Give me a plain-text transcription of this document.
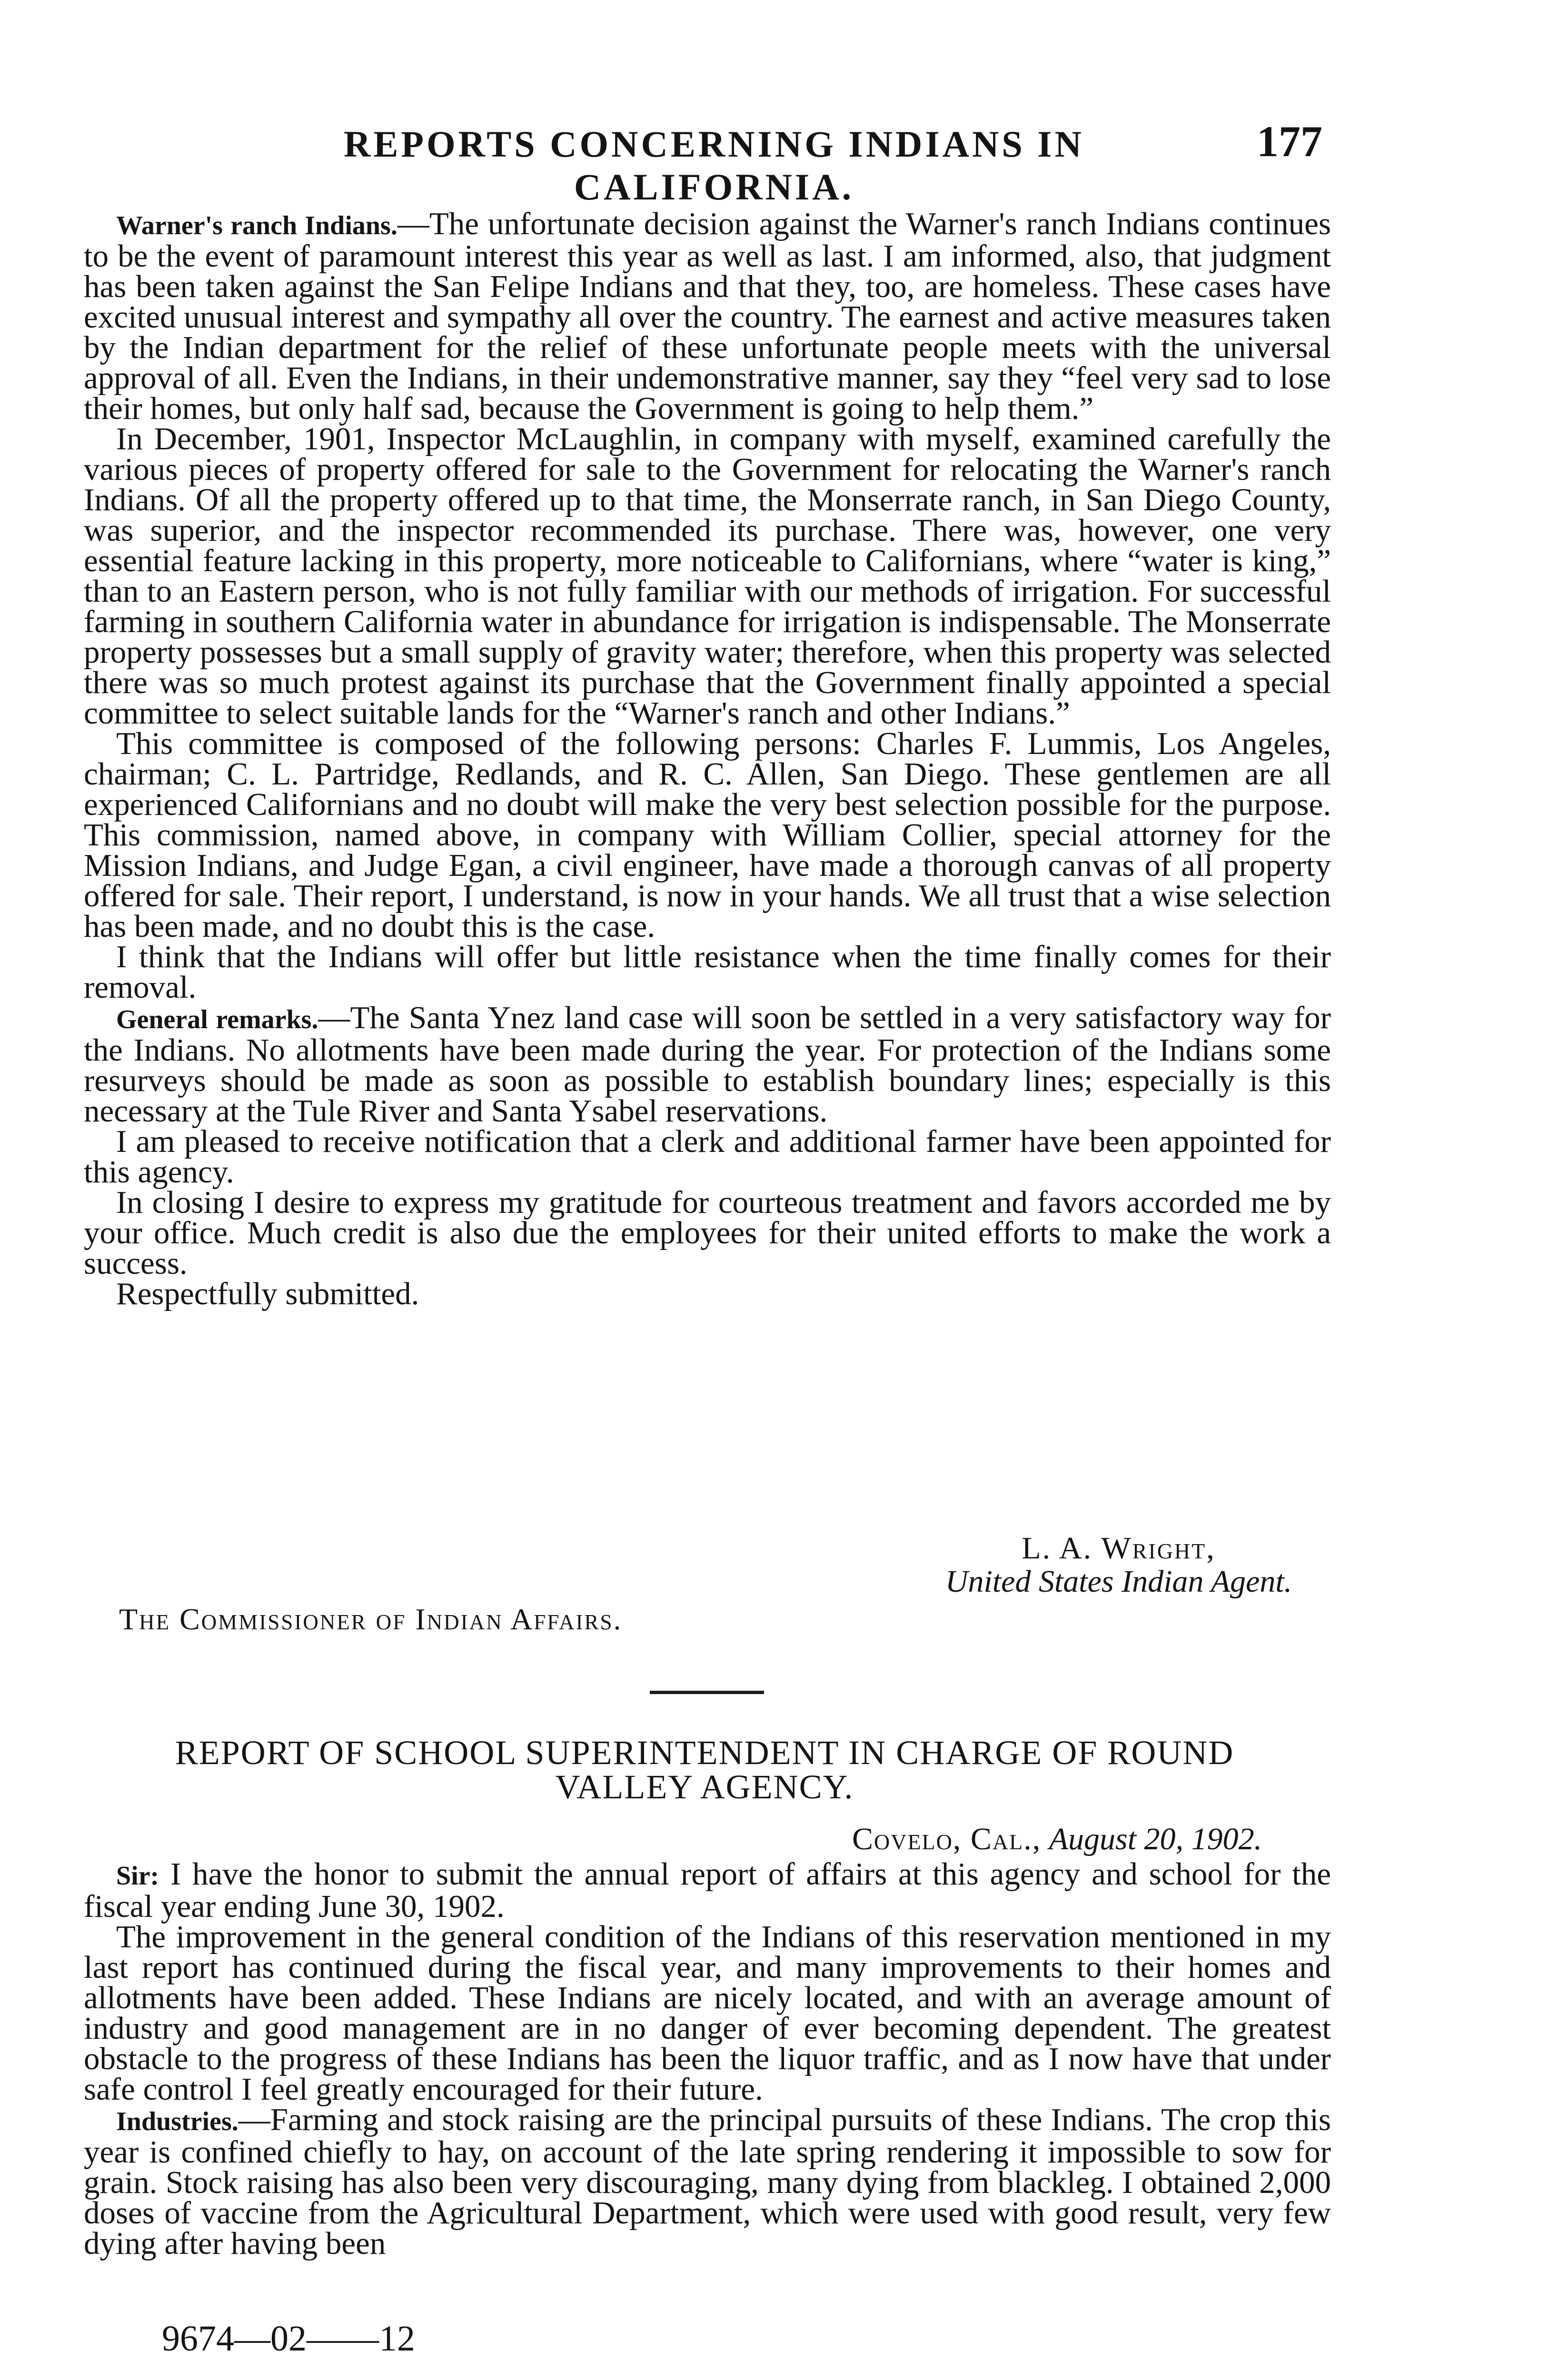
REPORTS CONCERNING INDIANS IN CALIFORNIA.
177

Warner's ranch Indians.—The unfortunate decision against the Warner's ranch Indians continues to be the event of paramount interest this year as well as last. I am informed, also, that judgment has been taken against the San Felipe Indians and that they, too, are homeless. These cases have excited unusual interest and sympathy all over the country. The earnest and active measures taken by the Indian department for the relief of these unfortunate people meets with the universal approval of all. Even the Indians, in their undemonstrative manner, say they “feel very sad to lose their homes, but only half sad, because the Government is going to help them.”

In December, 1901, Inspector McLaughlin, in company with myself, examined carefully the various pieces of property offered for sale to the Government for relocating the Warner's ranch Indians. Of all the property offered up to that time, the Monserrate ranch, in San Diego County, was superior, and the inspector recommended its purchase. There was, however, one very essential feature lacking in this property, more noticeable to Californians, where “water is king,” than to an Eastern person, who is not fully familiar with our methods of irrigation. For successful farming in southern California water in abundance for irrigation is indispensable. The Monserrate property possesses but a small supply of gravity water; therefore, when this property was selected there was so much protest against its purchase that the Government finally appointed a special committee to select suitable lands for the “Warner's ranch and other Indians.”

This committee is composed of the following persons: Charles F. Lummis, Los Angeles, chairman; C. L. Partridge, Redlands, and R. C. Allen, San Diego. These gentlemen are all experienced Californians and no doubt will make the very best selection possible for the purpose. This commission, named above, in company with William Collier, special attorney for the Mission Indians, and Judge Egan, a civil engineer, have made a thorough canvas of all property offered for sale. Their report, I understand, is now in your hands. We all trust that a wise selection has been made, and no doubt this is the case.

I think that the Indians will offer but little resistance when the time finally comes for their removal.

General remarks.—The Santa Ynez land case will soon be settled in a very satisfactory way for the Indians. No allotments have been made during the year. For protection of the Indians some resurveys should be made as soon as possible to establish boundary lines; especially is this necessary at the Tule River and Santa Ysabel reservations.

I am pleased to receive notification that a clerk and additional farmer have been appointed for this agency.

In closing I desire to express my gratitude for courteous treatment and favors accorded me by your office. Much credit is also due the employees for their united efforts to make the work a success.

Respectfully submitted.

L. A. Wright,
United States Indian Agent.
The Commissioner of Indian Affairs.
REPORT OF SCHOOL SUPERINTENDENT IN CHARGE OF ROUND VALLEY AGENCY.
Covelo, Cal., August 20, 1902.

Sir: I have the honor to submit the annual report of affairs at this agency and school for the fiscal year ending June 30, 1902.

The improvement in the general condition of the Indians of this reservation mentioned in my last report has continued during the fiscal year, and many improvements to their homes and allotments have been added. These Indians are nicely located, and with an average amount of industry and good management are in no danger of ever becoming dependent. The greatest obstacle to the progress of these Indians has been the liquor traffic, and as I now have that under safe control I feel greatly encouraged for their future.

Industries.—Farming and stock raising are the principal pursuits of these Indians. The crop this year is confined chiefly to hay, on account of the late spring rendering it impossible to sow for grain. Stock raising has also been very discouraging, many dying from blackleg. I obtained 2,000 doses of vaccine from the Agricultural Department, which were used with good result, very few dying after having been

9674—02——12
